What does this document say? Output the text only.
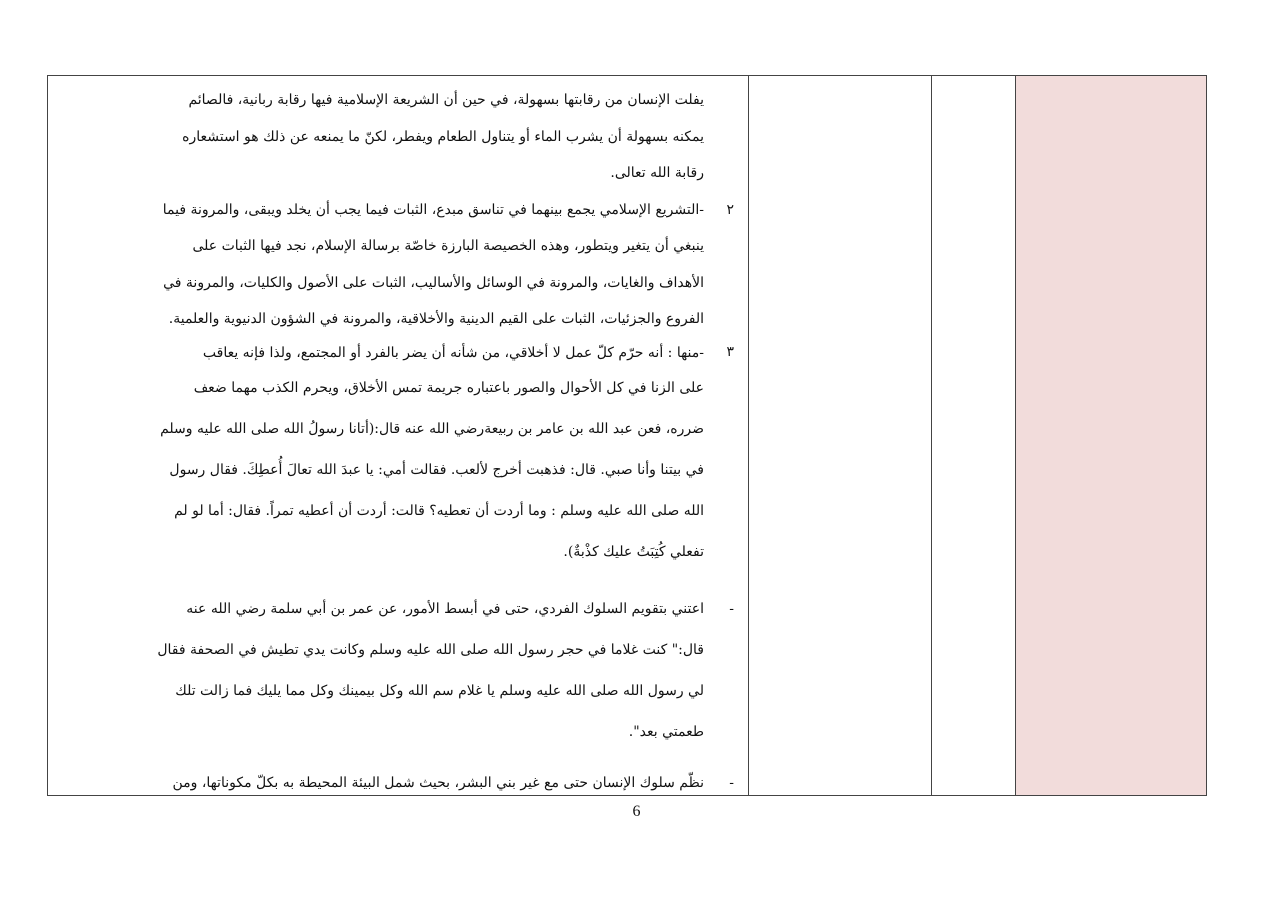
يفلت الإنسان من رقابتها بسهولة، في حين أن الشريعة الإسلامية فيها رقابة ربانية، فالصائم
يمكنه بسهولة أن يشرب الماء أو يتناول الطعام ويفطر، لكنّ ما يمنعه عن ذلك هو استشعاره
رقابة الله تعالى.
٢
-التشريع الإسلامي يجمع بينهما في تناسق مبدع، الثبات فيما يجب أن يخلد ويبقى، والمرونة فيما
ينبغي أن يتغير ويتطور، وهذه الخصيصة البارزة خاصّة برسالة الإسلام، نجد فيها الثبات على
الأهداف والغايات، والمرونة في الوسائل والأساليب، الثبات على الأصول والكليات، والمرونة في
الفروع والجزئيات، الثبات على القيم الدينية والأخلاقية، والمرونة في الشؤون الدنيوية والعلمية.
٣
-منها : أنه حرّم كلّ عمل لا أخلاقي، من شأنه أن يضر بالفرد أو المجتمع، ولذا فإنه يعاقب
على الزنا في كل الأحوال والصور باعتباره جريمة تمس الأخلاق، ويحرم الكذب مهما ضعف
ضرره، فعن عبد الله بن عامر بن ربيعةرضي الله عنه قال:(أتانا رسولُ الله صلى الله عليه وسلم
في بيتنا وأنا صبي. قال: فذهبت أخرج لألعب. فقالت أمي: يا عبدَ الله تعالَ أُعطِكَ. فقال رسول
الله صلى الله عليه وسلم : وما أردت أن تعطيه؟ قالت: أردت أن أعطيه تمراً. فقال: أما لو لم
تفعلي كُتِبَتُ عليك كذْبةٌ).
-
اعتني بتقويم السلوك الفردي، حتى في أبسط الأمور، عن عمر بن أبي سلمة رضي الله عنه
قال:" كنت غلاما في حجر رسول الله صلى الله عليه وسلم وكانت يدي تطيش في الصحفة فقال
لي رسول الله صلى الله عليه وسلم يا غلام سم الله وكل بيمينك وكل مما يليك فما زالت تلك
طعمتي بعد".
-
نظّم سلوك الإنسان حتى مع غير بني البشر، بحيث شمل البيئة المحيطة به بكلّ مكوناتها، ومن
6
